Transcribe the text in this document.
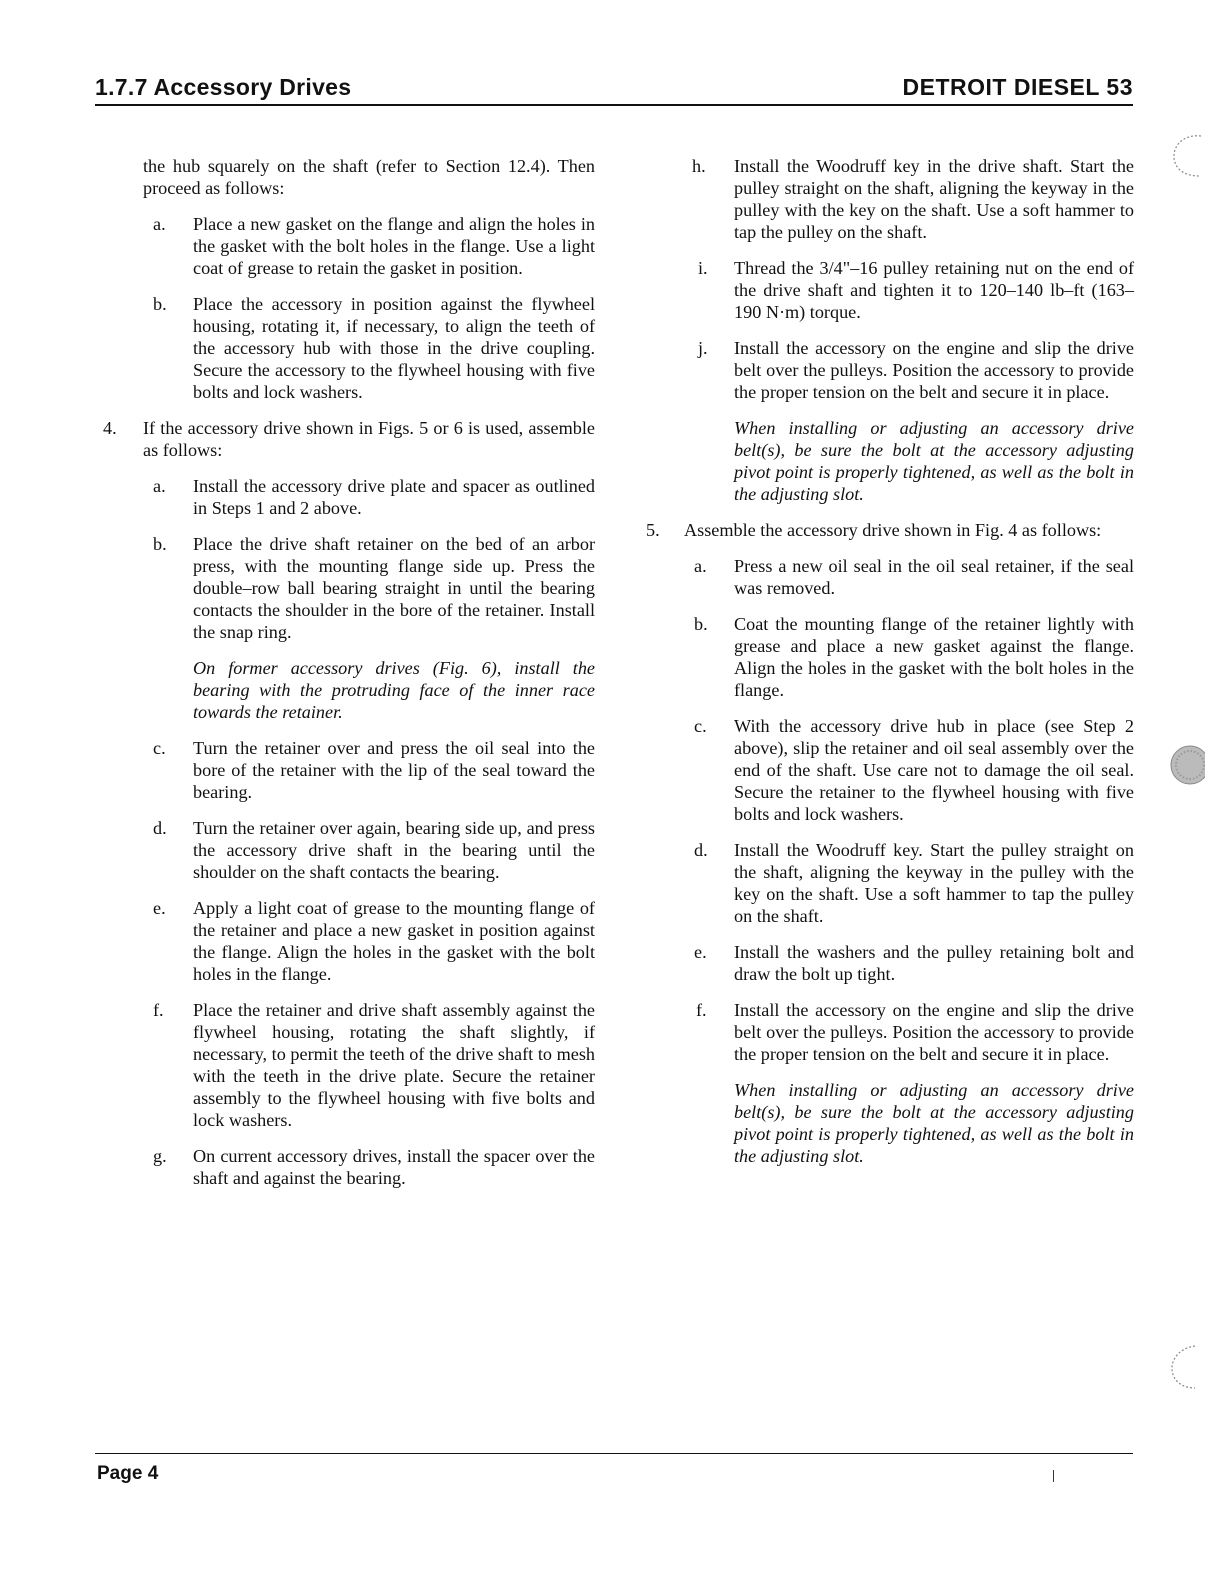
1.7.7 Accessory Drives	DETROIT DIESEL 53
the hub squarely on the shaft (refer to Section 12.4). Then proceed as follows:
a. Place a new gasket on the flange and align the holes in the gasket with the bolt holes in the flange. Use a light coat of grease to retain the gasket in position.
b. Place the accessory in position against the flywheel housing, rotating it, if necessary, to align the teeth of the accessory hub with those in the drive coupling. Secure the accessory to the flywheel housing with five bolts and lock washers.
4. If the accessory drive shown in Figs. 5 or 6 is used, assemble as follows:
a. Install the accessory drive plate and spacer as outlined in Steps 1 and 2 above.
b. Place the drive shaft retainer on the bed of an arbor press, with the mounting flange side up. Press the double–row ball bearing straight in until the bearing contacts the shoulder in the bore of the retainer. Install the snap ring.
On former accessory drives (Fig. 6), install the bearing with the protruding face of the inner race towards the retainer.
c. Turn the retainer over and press the oil seal into the bore of the retainer with the lip of the seal toward the bearing.
d. Turn the retainer over again, bearing side up, and press the accessory drive shaft in the bearing until the shoulder on the shaft contacts the bearing.
e. Apply a light coat of grease to the mounting flange of the retainer and place a new gasket in position against the flange. Align the holes in the gasket with the bolt holes in the flange.
f. Place the retainer and drive shaft assembly against the flywheel housing, rotating the shaft slightly, if necessary, to permit the teeth of the drive shaft to mesh with the teeth in the drive plate. Secure the retainer assembly to the flywheel housing with five bolts and lock washers.
g. On current accessory drives, install the spacer over the shaft and against the bearing.
h. Install the Woodruff key in the drive shaft. Start the pulley straight on the shaft, aligning the keyway in the pulley with the key on the shaft. Use a soft hammer to tap the pulley on the shaft.
i. Thread the 3/4"–16 pulley retaining nut on the end of the drive shaft and tighten it to 120–140 lb–ft (163–190 N·m) torque.
j. Install the accessory on the engine and slip the drive belt over the pulleys. Position the accessory to provide the proper tension on the belt and secure it in place.
When installing or adjusting an accessory drive belt(s), be sure the bolt at the accessory adjusting pivot point is properly tightened, as well as the bolt in the adjusting slot.
5. Assemble the accessory drive shown in Fig. 4 as follows:
a. Press a new oil seal in the oil seal retainer, if the seal was removed.
b. Coat the mounting flange of the retainer lightly with grease and place a new gasket against the flange. Align the holes in the gasket with the bolt holes in the flange.
c. With the accessory drive hub in place (see Step 2 above), slip the retainer and oil seal assembly over the end of the shaft. Use care not to damage the oil seal. Secure the retainer to the flywheel housing with five bolts and lock washers.
d. Install the Woodruff key. Start the pulley straight on the shaft, aligning the keyway in the pulley with the key on the shaft. Use a soft hammer to tap the pulley on the shaft.
e. Install the washers and the pulley retaining bolt and draw the bolt up tight.
f. Install the accessory on the engine and slip the drive belt over the pulleys. Position the accessory to provide the proper tension on the belt and secure it in place.
When installing or adjusting an accessory drive belt(s), be sure the bolt at the accessory adjusting pivot point is properly tightened, as well as the bolt in the adjusting slot.
Page 4
